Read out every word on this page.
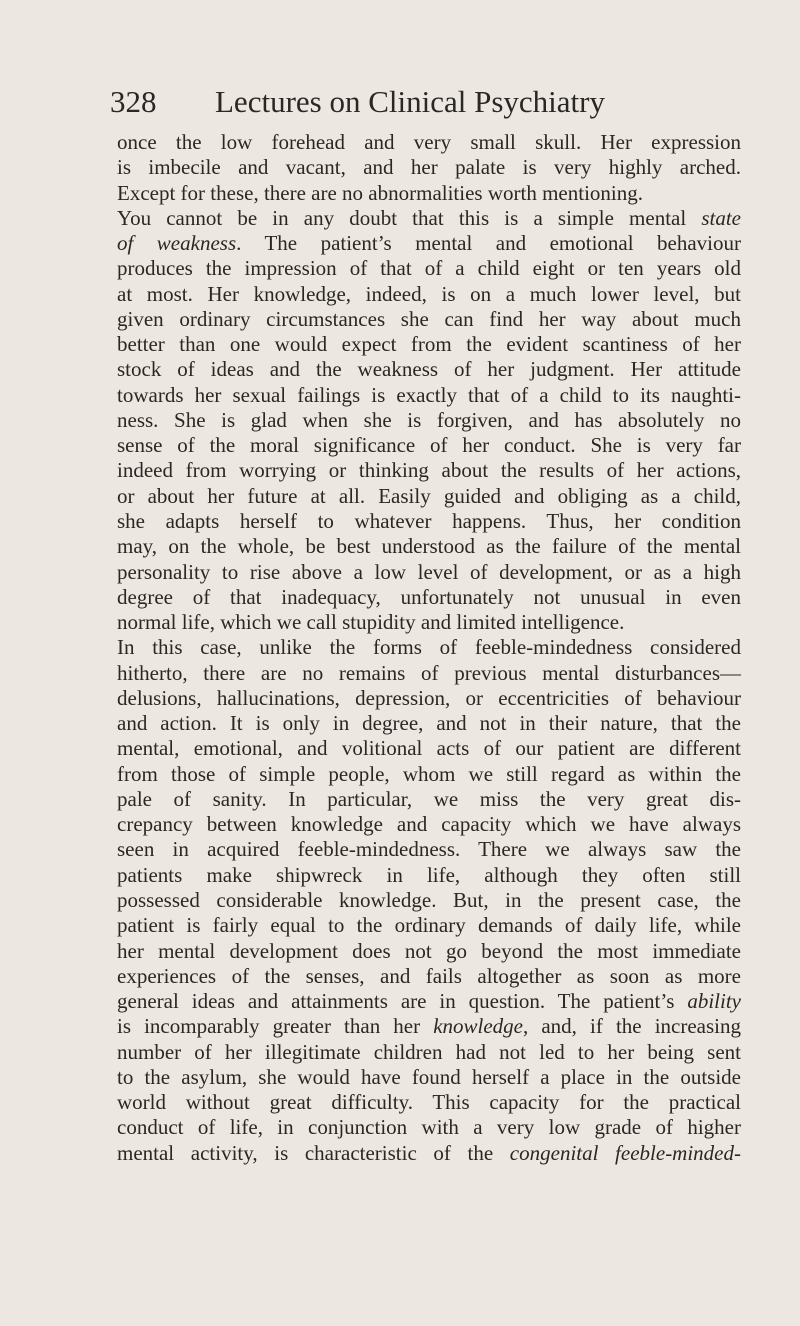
328 Lectures on Clinical Psychiatry
once the low forehead and very small skull. Her expression
is imbecile and vacant, and her palate is very highly arched.
Except for these, there are no abnormalities worth mentioning.
You cannot be in any doubt that this is a simple mental state
of weakness. The patient’s mental and emotional behaviour
produces the impression of that of a child eight or ten years old
at most. Her knowledge, indeed, is on a much lower level, but
given ordinary circumstances she can find her way about much
better than one would expect from the evident scantiness of her
stock of ideas and the weakness of her judgment. Her attitude
towards her sexual failings is exactly that of a child to its naughti-
ness. She is glad when she is forgiven, and has absolutely no
sense of the moral significance of her conduct. She is very far
indeed from worrying or thinking about the results of her actions,
or about her future at all. Easily guided and obliging as a child,
she adapts herself to whatever happens. Thus, her condition
may, on the whole, be best understood as the failure of the mental
personality to rise above a low level of development, or as a high
degree of that inadequacy, unfortunately not unusual in even
normal life, which we call stupidity and limited intelligence.
In this case, unlike the forms of feeble-mindedness considered
hitherto, there are no remains of previous mental disturbances—
delusions, hallucinations, depression, or eccentricities of behaviour
and action. It is only in degree, and not in their nature, that the
mental, emotional, and volitional acts of our patient are different
from those of simple people, whom we still regard as within the
pale of sanity. In particular, we miss the very great dis-
crepancy between knowledge and capacity which we have always
seen in acquired feeble-mindedness. There we always saw the
patients make shipwreck in life, although they often still
possessed considerable knowledge. But, in the present case, the
patient is fairly equal to the ordinary demands of daily life, while
her mental development does not go beyond the most immediate
experiences of the senses, and fails altogether as soon as more
general ideas and attainments are in question. The patient’s ability
is incomparably greater than her knowledge, and, if the increasing
number of her illegitimate children had not led to her being sent
to the asylum, she would have found herself a place in the outside
world without great difficulty. This capacity for the practical
conduct of life, in conjunction with a very low grade of higher
mental activity, is characteristic of the congenital feeble-minded-
